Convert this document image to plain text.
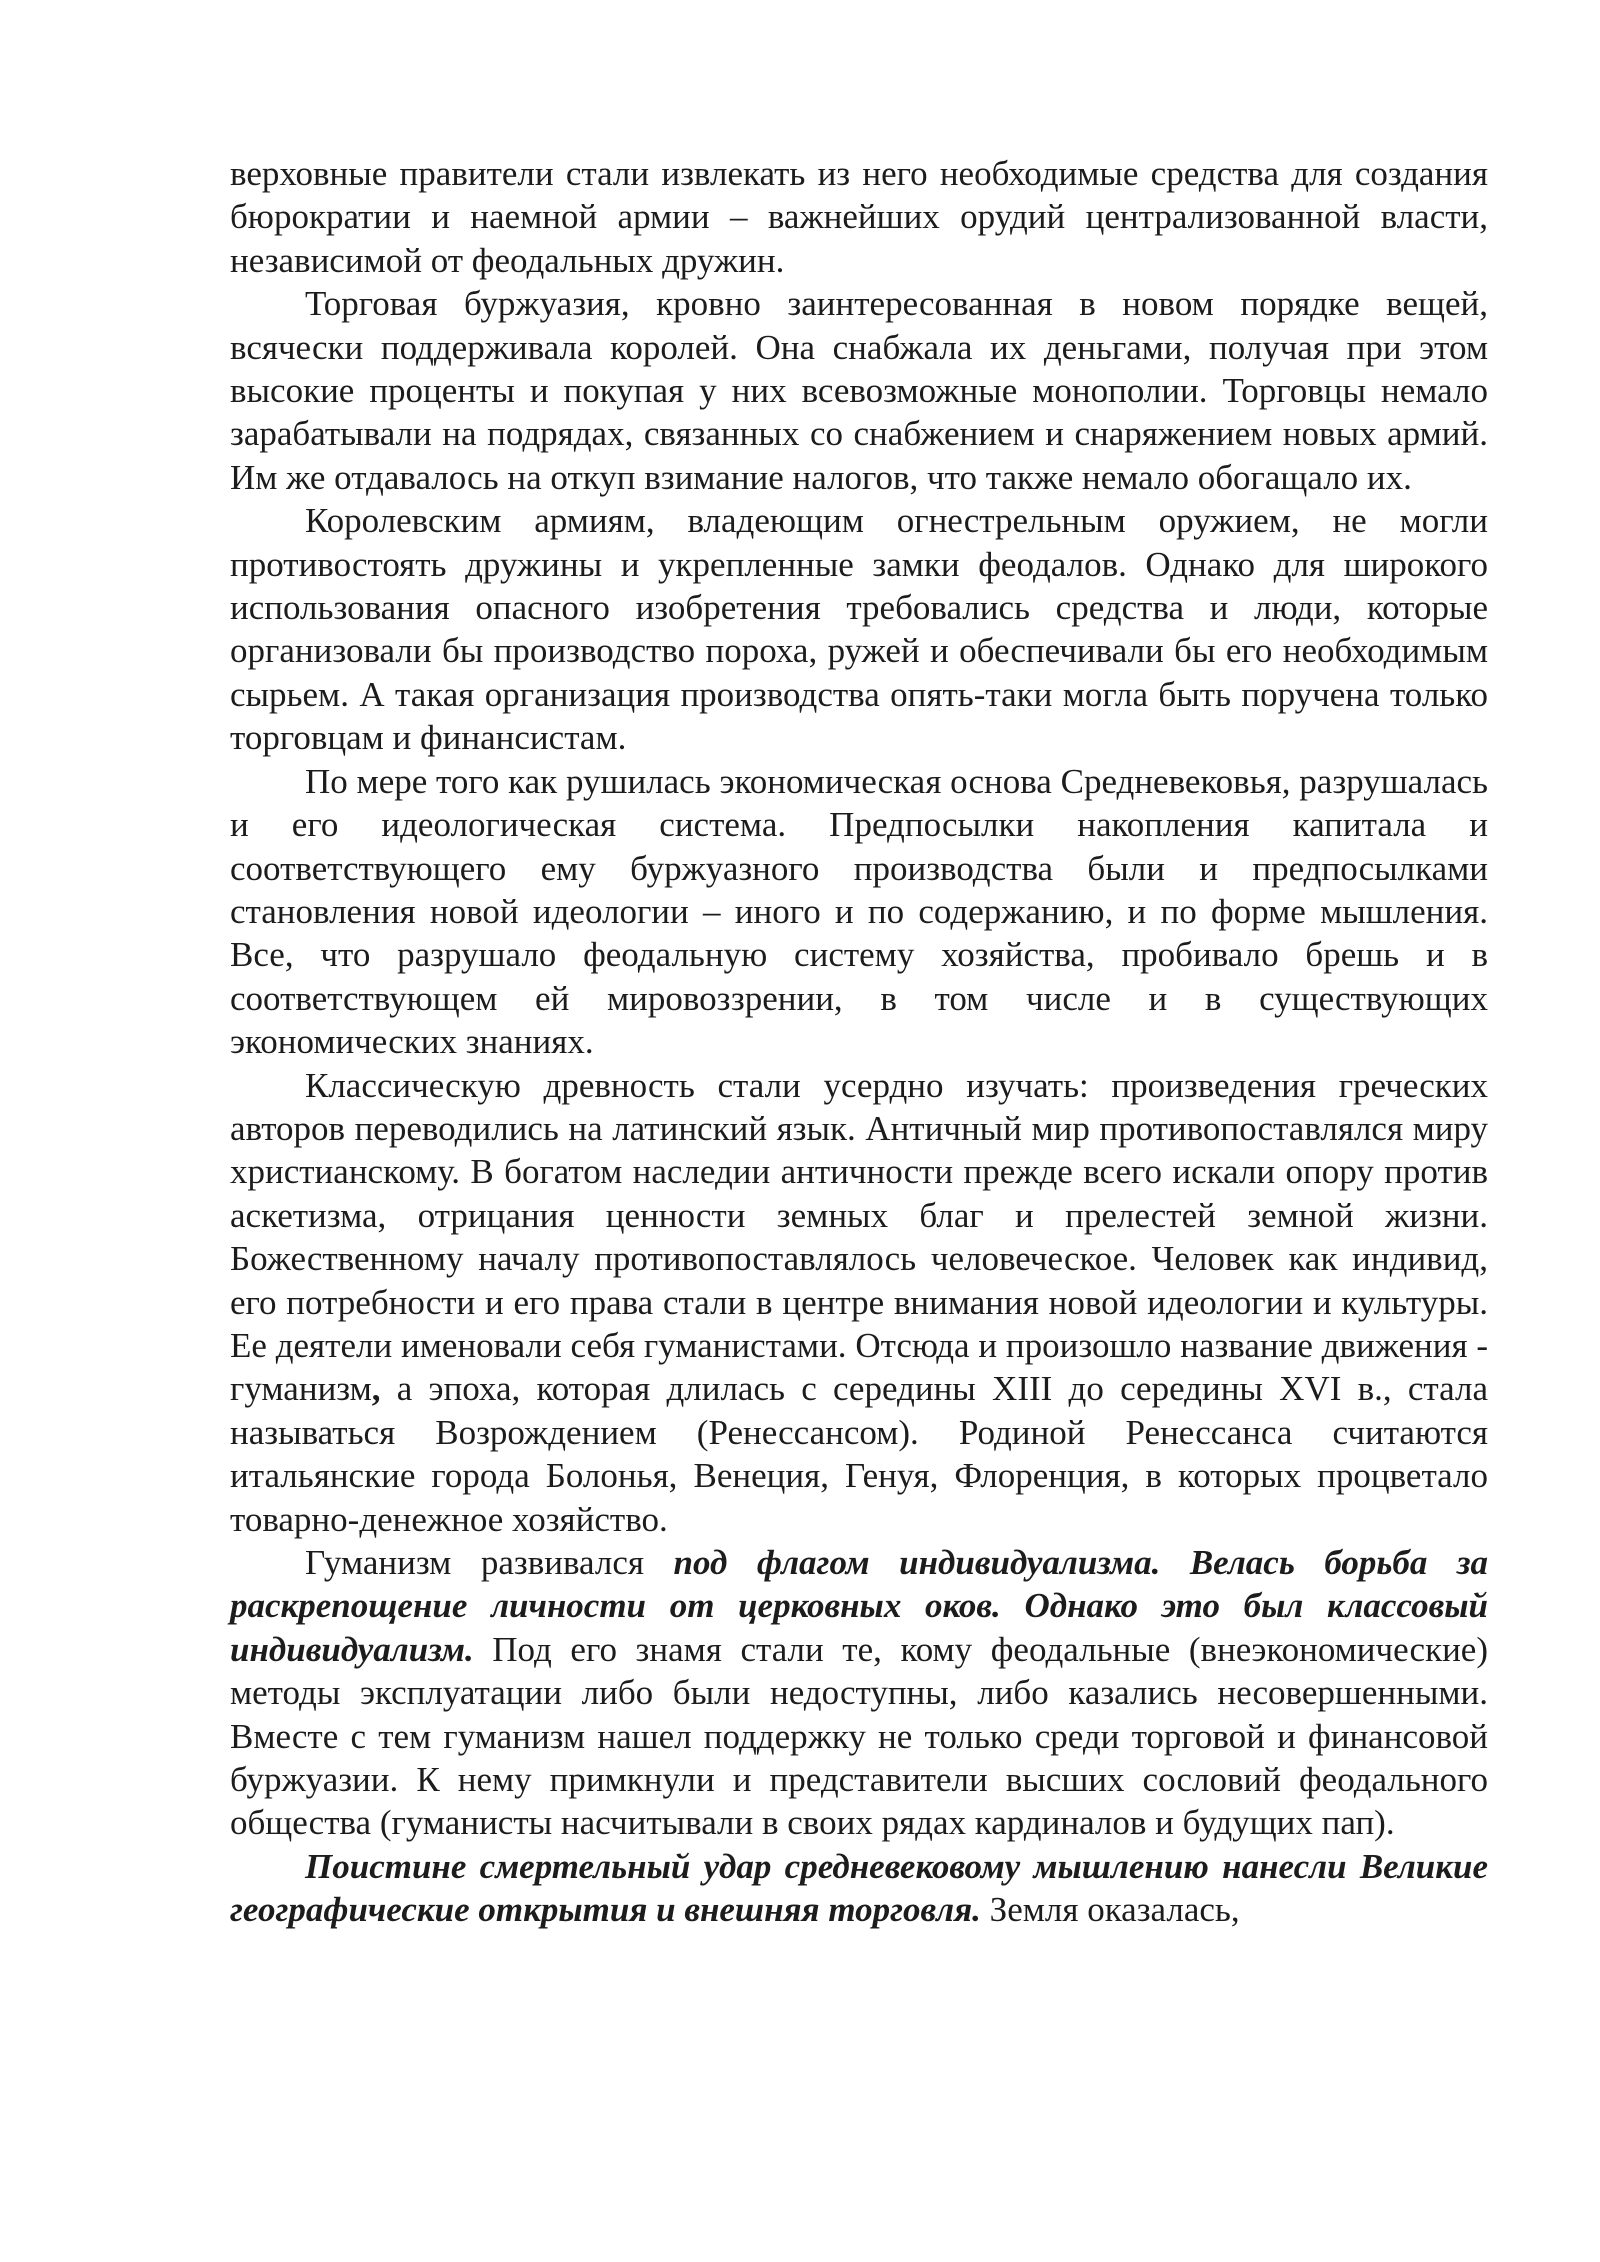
верховные правители стали извлекать из него необходимые средства для создания бюрократии и наемной армии – важнейших орудий централизованной власти, независимой от феодальных дружин.

Торговая буржуазия, кровно заинтересованная в новом порядке вещей, всячески поддерживала королей. Она снабжала их деньгами, получая при этом высокие проценты и покупая у них всевозможные монополии. Торговцы немало зарабатывали на подрядах, связанных со снабжением и снаряжением новых армий. Им же отдавалось на откуп взимание налогов, что также немало обогащало их.

Королевским армиям, владеющим огнестрельным оружием, не могли противостоять дружины и укрепленные замки феодалов. Однако для широкого использования опасного изобретения требовались средства и люди, которые организовали бы производство пороха, ружей и обеспечивали бы его необходимым сырьем. А такая организация производства опять-таки могла быть поручена только торговцам и финансистам.

По мере того как рушилась экономическая основа Средневековья, разрушалась и его идеологическая система. Предпосылки накопления капитала и соответствующего ему буржуазного производства были и предпосылками становления новой идеологии – иного и по содержанию, и по форме мышления. Все, что разрушало феодальную систему хозяйства, пробивало брешь и в соответствующем ей мировоззрении, в том числе и в существующих экономических знаниях.

Классическую древность стали усердно изучать: произведения греческих авторов переводились на латинский язык. Античный мир противопоставлялся миру христианскому. В богатом наследии античности прежде всего искали опору против аскетизма, отрицания ценности земных благ и прелестей земной жизни. Божественному началу противопоставлялось человеческое. Человек как индивид, его потребности и его права стали в центре внимания новой идеологии и культуры. Ее деятели именовали себя гуманистами. Отсюда и произошло название движения - гуманизм, а эпоха, которая длилась с середины XIII до середины XVI в., стала называться Возрождением (Ренессансом). Родиной Ренессанса считаются итальянские города Болонья, Венеция, Генуя, Флоренция, в которых процветало товарно-денежное хозяйство.

Гуманизм развивался под флагом индивидуализма. Велась борьба за раскрепощение личности от церковных оков. Однако это был классовый индивидуализм. Под его знамя стали те, кому феодальные (внеэкономические) методы эксплуатации либо были недоступны, либо казались несовершенными. Вместе с тем гуманизм нашел поддержку не только среди торговой и финансовой буржуазии. К нему примкнули и представители высших сословий феодального общества (гуманисты насчитывали в своих рядах кардиналов и будущих пап).

Поистине смертельный удар средневековому мышлению нанесли Великие географические открытия и внешняя торговля. Земля оказалась,
